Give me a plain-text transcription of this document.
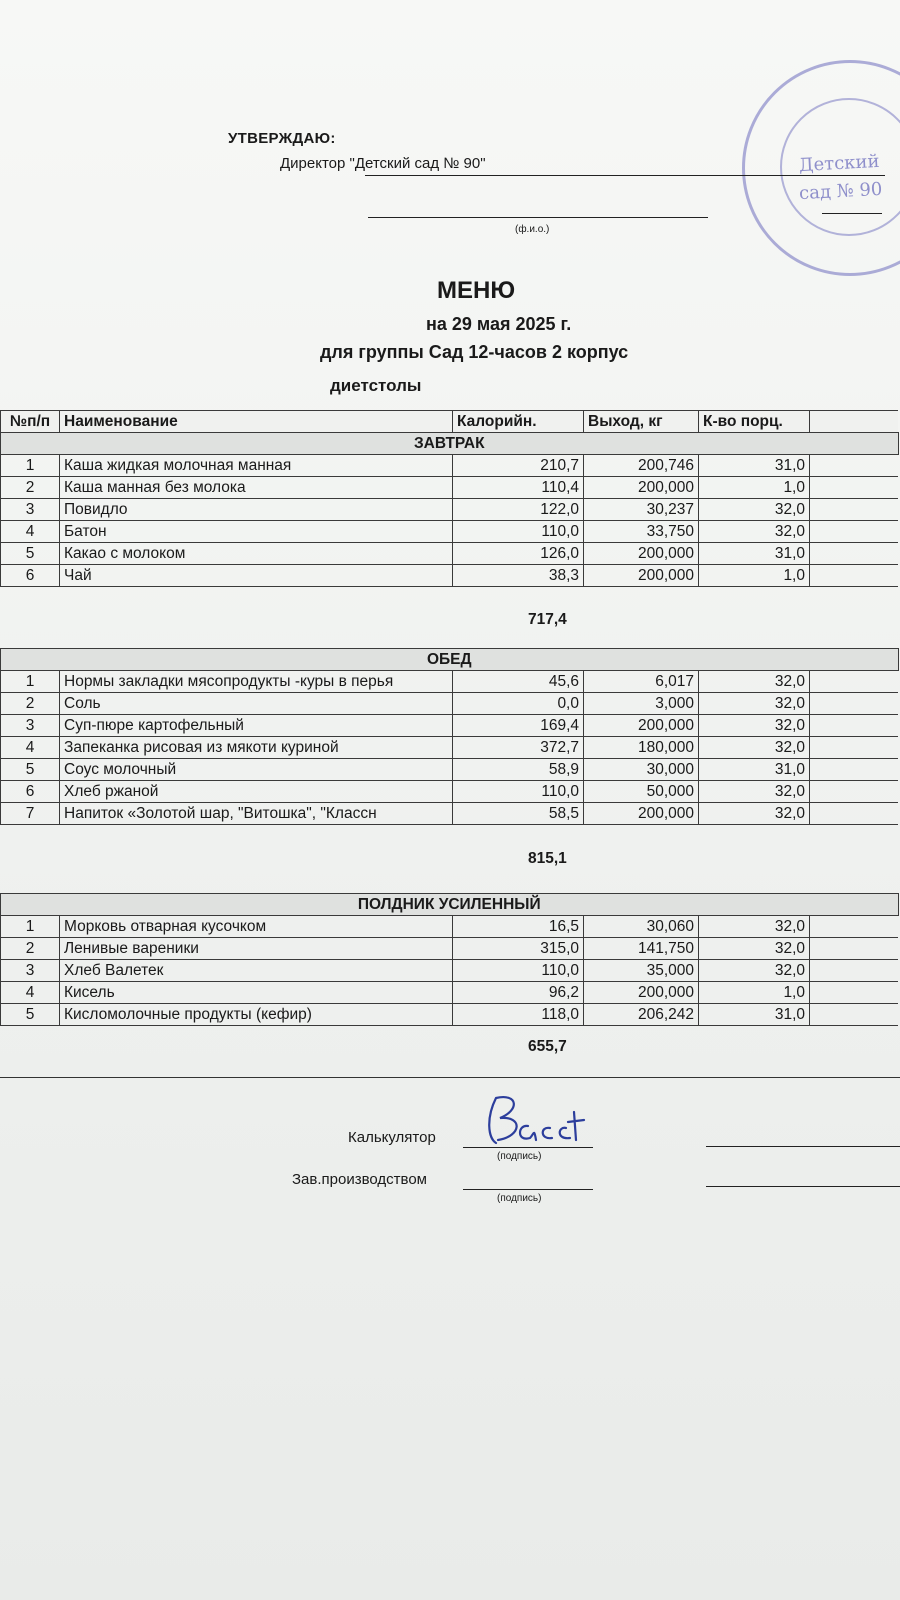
Детский сад № 90
УТВЕРЖДАЮ:
Директор "Детский сад № 90"
(ф.и.о.)
МЕНЮ
на 29 мая 2025 г.
для группы Сад 12-часов 2 корпус
диетстолы
№п/п	Наименование	Калорийн.	Выход, кг	К-во порц.	
ЗАВТРАК					
1	Каша жидкая молочная манная	210,7	200,746	31,0	
2	Каша манная без молока	110,4	200,000	1,0	
3	Повидло	122,0	30,237	32,0	
4	Батон	110,0	33,750	32,0	
5	Какао с молоком	126,0	200,000	31,0	
6	Чай	38,3	200,000	1,0	
717,4
ОБЕД					
1	Нормы закладки мясопродукты -куры в перья	45,6	6,017	32,0	
2	Соль	0,0	3,000	32,0	
3	Суп-пюре картофельный	169,4	200,000	32,0	
4	Запеканка рисовая из мякоти куриной	372,7	180,000	32,0	
5	Соус молочный	58,9	30,000	31,0	
6	Хлеб ржаной	110,0	50,000	32,0	
7	Напиток «Золотой шар, "Витошка", "Классн	58,5	200,000	32,0	
815,1
ПОЛДНИК УСИЛЕННЫЙ					
1	Морковь отварная кусочком	16,5	30,060	32,0	
2	Ленивые вареники	315,0	141,750	32,0	
3	Хлеб Валетек	110,0	35,000	32,0	
4	Кисель	96,2	200,000	1,0	
5	Кисломолочные продукты (кефир)	118,0	206,242	31,0	
655,7
Калькулятор
(подпись)
Зав.производством
(подпись)
